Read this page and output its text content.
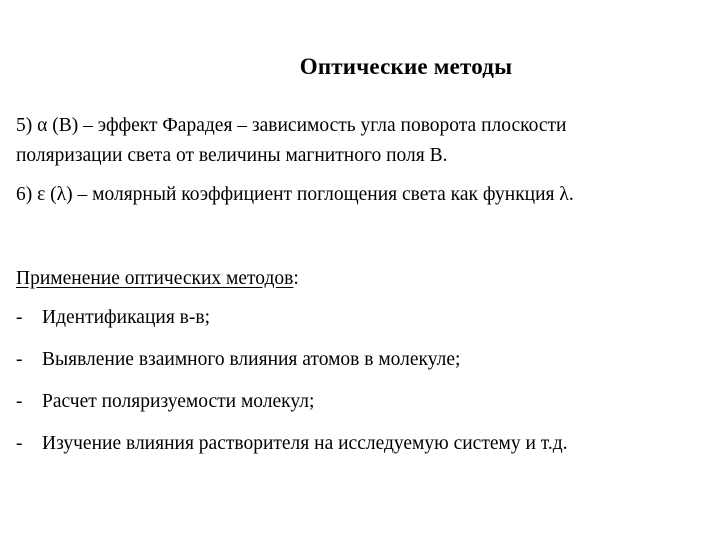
Оптические методы
5) α (B) – эффект Фарадея – зависимость угла поворота плоскости
поляризации света от величины магнитного поля B.
6) ε (λ) – молярный коэффициент поглощения света как функция λ.
Применение оптических методов:
- Идентификация в-в;
- Выявление взаимного влияния атомов в молекуле;
- Расчет поляризуемости молекул;
- Изучение влияния растворителя на исследуемую систему и т.д.
